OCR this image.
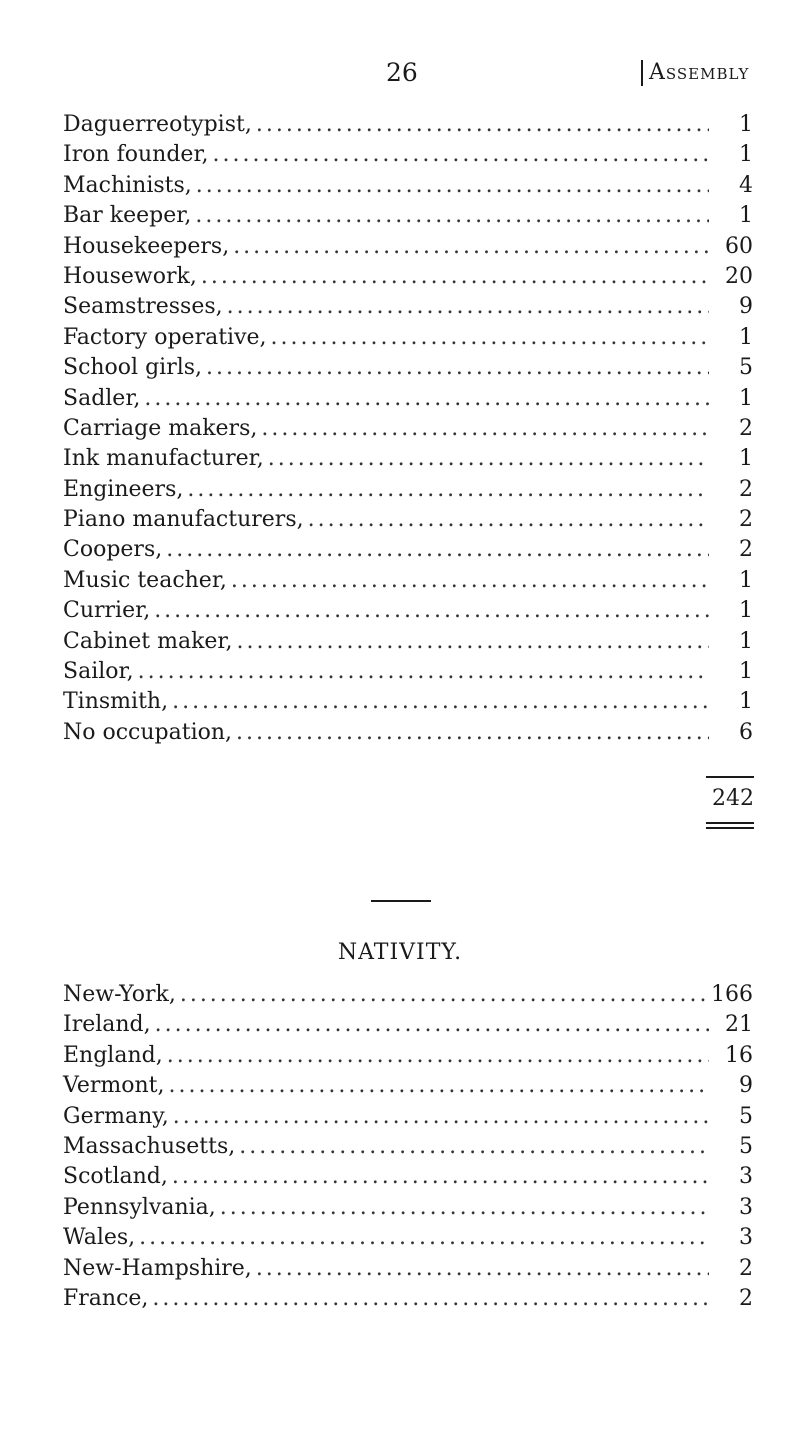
26	Assembly
Daguerreotypist, .....	1
Iron founder, .....	1
Machinists, .....	4
Bar keeper, .....	1
Housekeepers, .....	60
Housework, .....	20
Seamstresses, .....	9
Factory operative, .....	1
School girls, .....	5
Sadler, .....	1
Carriage makers, .....	2
Ink manufacturer, .....	1
Engineers, .....	2
Piano manufacturers, .....	2
Coopers, .....	2
Music teacher, .....	1
Currier, .....	1
Cabinet maker, .....	1
Sailor, .....	1
Tinsmith, .....	1
No occupation, .....	6
242
NATIVITY.
New-York, .....	166
Ireland, .....	21
England, .....	16
Vermont, .....	9
Germany, .....	5
Massachusetts, .....	5
Scotland, .....	3
Pennsylvania, .....	3
Wales, .....	3
New-Hampshire, .....	2
France, .....	2
